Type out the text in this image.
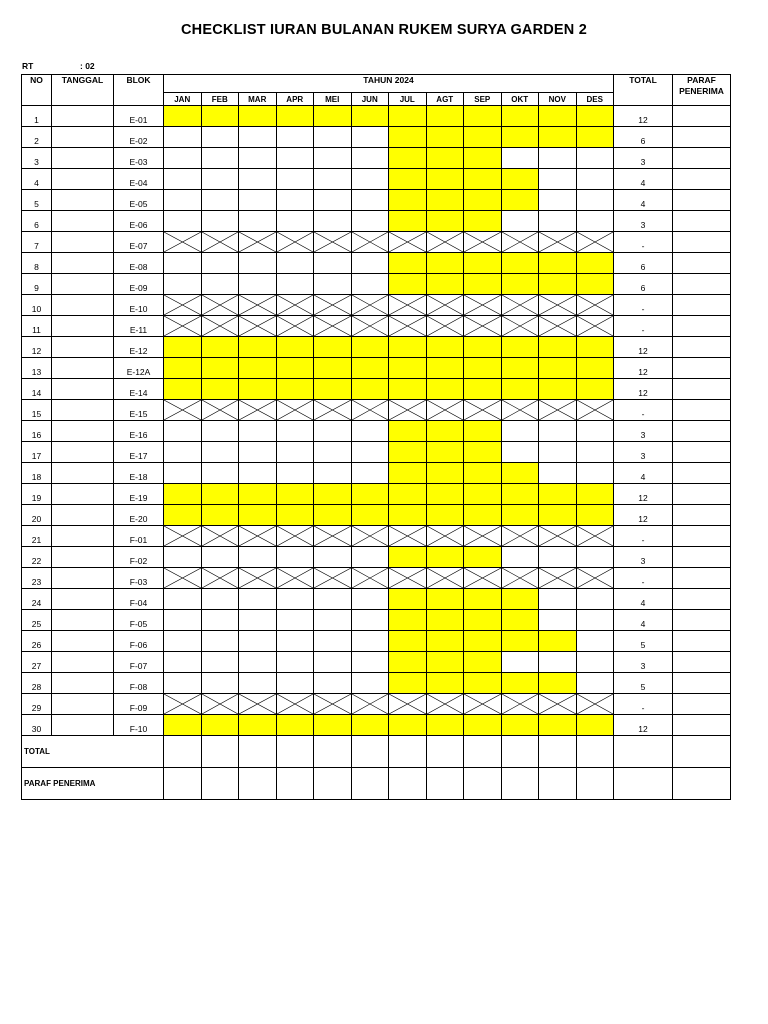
CHECKLIST IURAN BULANAN RUKEM SURYA GARDEN 2
RT	: 02
NO	TANGGAL	BLOK	TAHUN 2024												TOTAL	PARAF
PENERIMA
			JAN	FEB	MAR	APR	MEI	JUN	JUL	AGT	SEP	OKT	NOV	DES		
1		E-01													12	
2		E-02													6	
3		E-03													3	
4		E-04													4	
5		E-05													4	
6		E-06													3	
7		E-07													-	
8		E-08													6	
9		E-09													6	
10		E-10													-	
11		E-11													-	
12		E-12													12	
13		E-12A													12	
14		E-14													12	
15		E-15													-	
16		E-16													3	
17		E-17													3	
18		E-18													4	
19		E-19													12	
20		E-20													12	
21		F-01													-	
22		F-02													3	
23		F-03													-	
24		F-04													4	
25		F-05													4	
26		F-06													5	
27		F-07													3	
28		F-08													5	
29		F-09													-	
30		F-10													12	
TOTAL																
PARAF PENERIMA																
